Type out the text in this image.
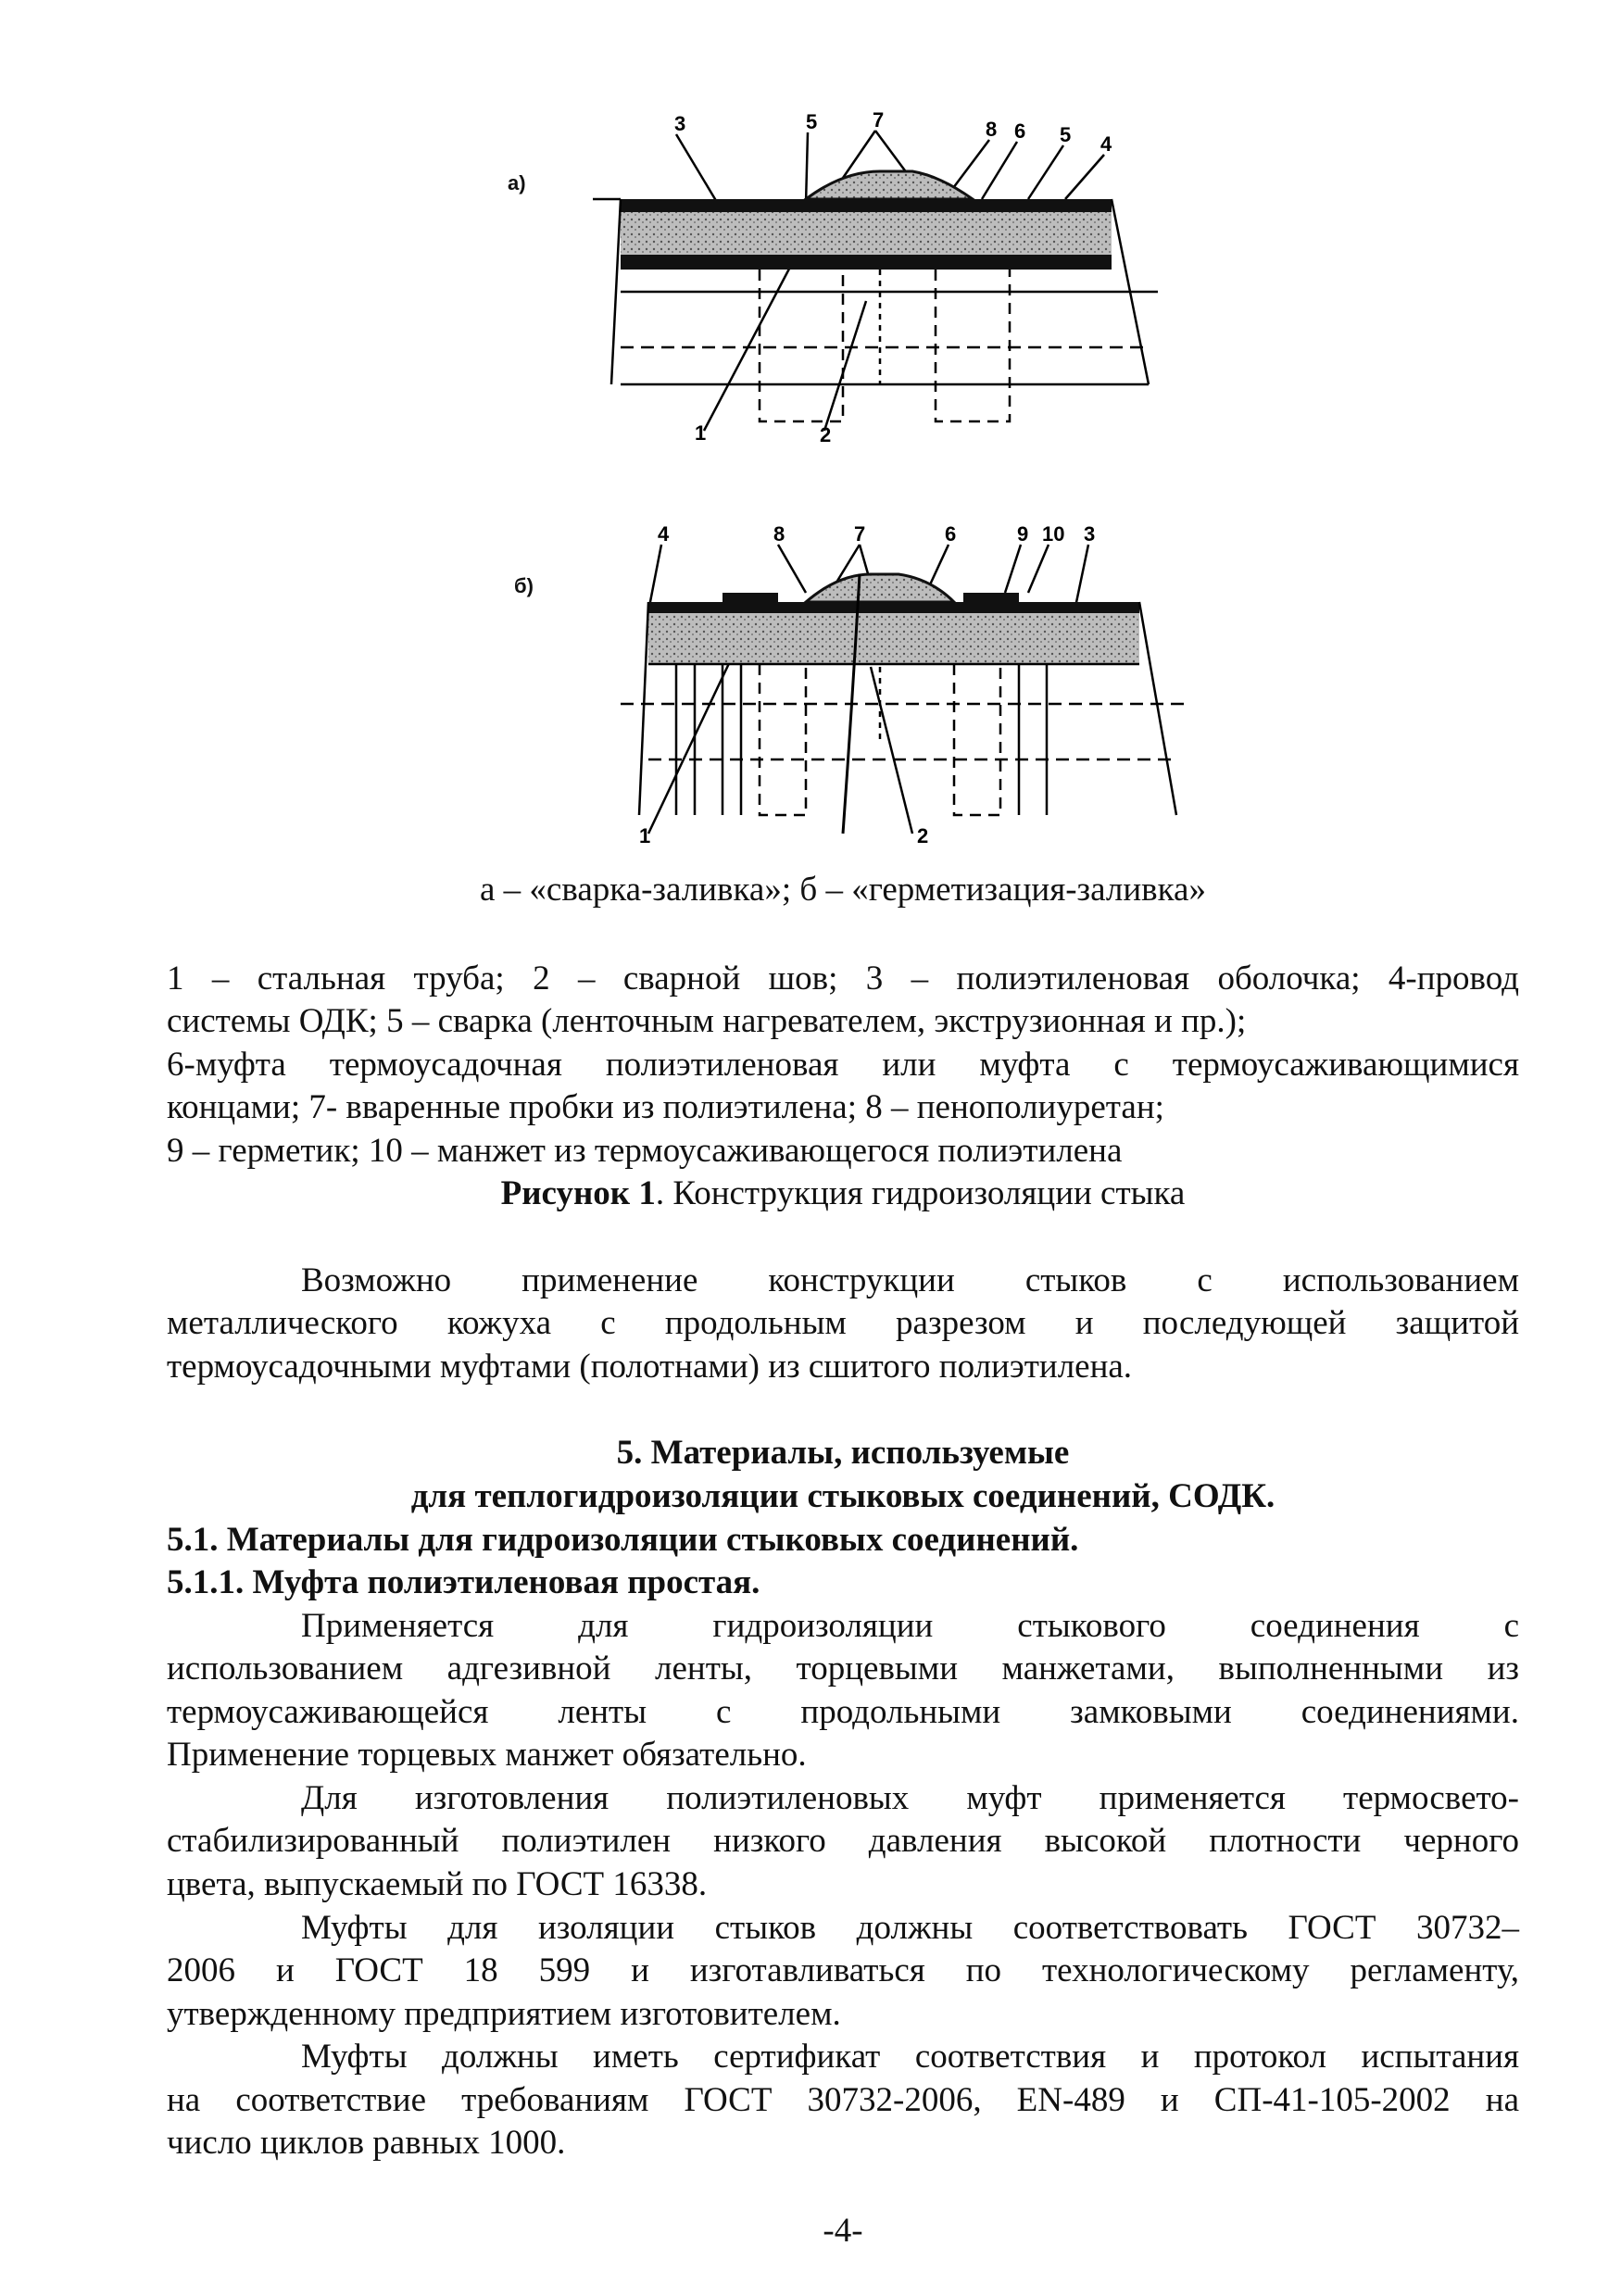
а)
3	5	7	8 6 5 4
1	2
б)
4	8	7	6	9 10 3
1	2
а – «сварка-заливка»; б – «герметизация-заливка»
1 – стальная труба; 2 – сварной шов; 3 – полиэтиленовая оболочка; 4-провод
системы ОДК; 5 – сварка (ленточным нагревателем, экструзионная и пр.);
6-муфта термоусадочная полиэтиленовая или муфта с термоусаживающимися
концами; 7- вваренные пробки из полиэтилена; 8 – пенополиуретан;
9 – герметик; 10 – манжет из термоусаживающегося полиэтилена
Рисунок 1. Конструкция гидроизоляции стыка
Возможно применение конструкции стыков с использованием
металлического кожуха с продольным разрезом и последующей защитой
термоусадочными муфтами (полотнами) из сшитого полиэтилена.
5. Материалы, используемые
для теплогидроизоляции стыковых соединений, СОДК.
5.1. Материалы для гидроизоляции стыковых соединений.
5.1.1. Муфта полиэтиленовая простая.
Применяется для гидроизоляции стыкового соединения с
использованием адгезивной ленты, торцевыми манжетами, выполненными из
термоусаживающейся ленты с продольными замковыми соединениями.
Применение торцевых манжет обязательно.
Для изготовления полиэтиленовых муфт применяется термосвето-
стабилизированный полиэтилен низкого давления высокой плотности черного
цвета, выпускаемый по ГОСТ 16338.
Муфты для изоляции стыков должны соответствовать ГОСТ 30732–
2006 и ГОСТ 18 599 и изготавливаться по технологическому регламенту,
утвержденному предприятием изготовителем.
Муфты должны иметь сертификат соответствия и протокол испытания
на соответствие требованиям ГОСТ 30732-2006, EN-489 и СП-41-105-2002 на
число циклов равных 1000.
-4-
